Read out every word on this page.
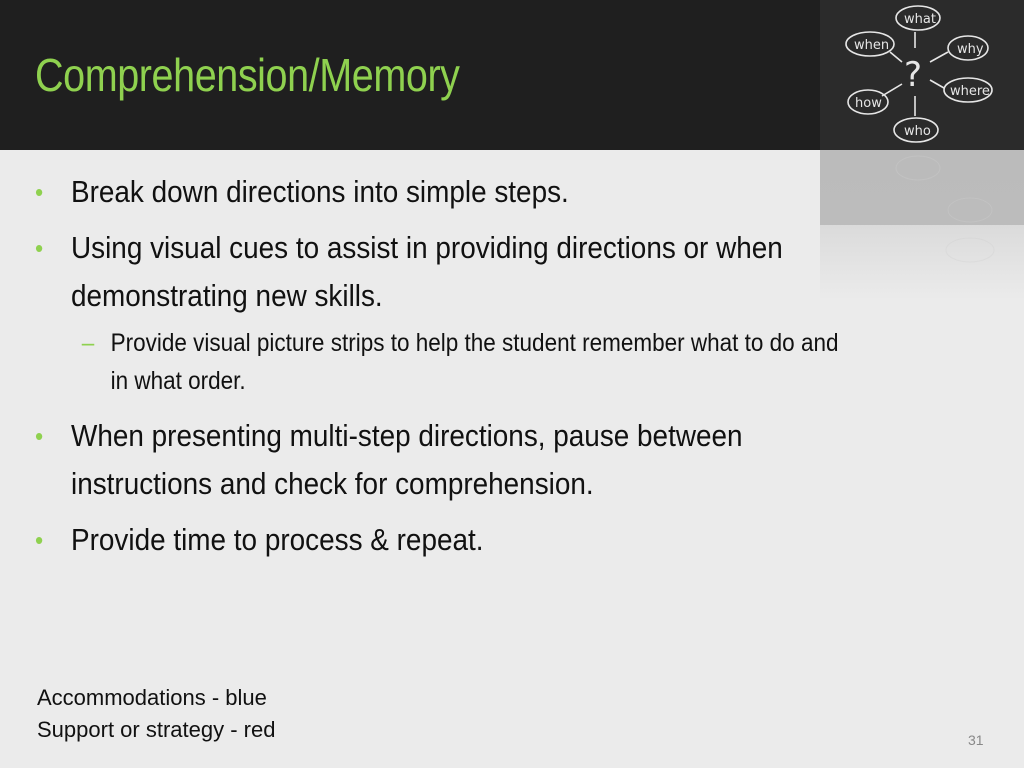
Comprehension/Memory
what
when	why
how
where
who
?
• Break down directions into simple steps.
• Using visual cues to assist in providing directions or when demonstrating new skills.
– Provide visual picture strips to help the student remember what to do and in what order.
• When presenting multi-step directions, pause between instructions and check for comprehension.
• Provide time to process & repeat.
Accommodations - blue
Support or strategy - red	31
